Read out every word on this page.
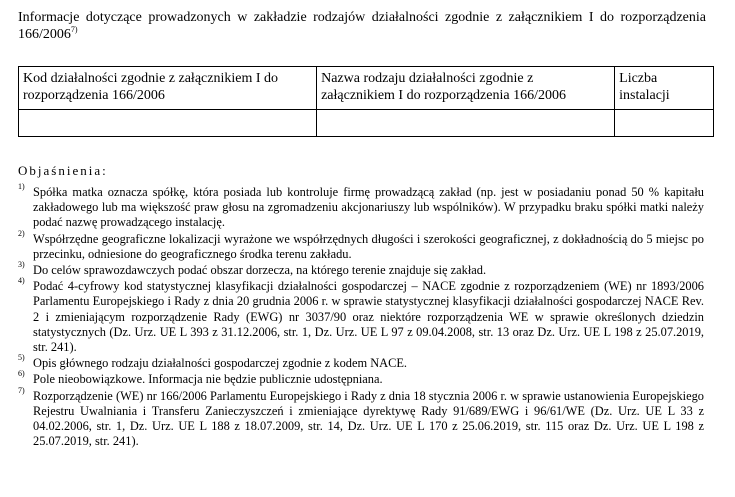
Informacje dotyczące prowadzonych w zakładzie rodzajów działalności zgodnie z załącznikiem I do rozporządzenia 166/2006$^{7)}$
Kod działalności zgodnie z załącznikiem I do rozporządzenia 166/2006	Nazwa rodzaju działalności zgodnie z załącznikiem I do rozporządzenia 166/2006	Liczba instalacji

Objaśnienia:
1) Spółka matka oznacza spółkę, która posiada lub kontroluje firmę prowadzącą zakład (np. jest w posiadaniu ponad 50 % kapitału zakładowego lub ma większość praw głosu na zgromadzeniu akcjonariuszy lub wspólników). W przypadku braku spółki matki należy podać nazwę prowadzącego instalację.
2) Współrzędne geograficzne lokalizacji wyrażone we współrzędnych długości i szerokości geograficznej, z dokładnością do 5 miejsc po przecinku, odniesione do geograficznego środka terenu zakładu.
3) Do celów sprawozdawczych podać obszar dorzecza, na którego terenie znajduje się zakład.
4) Podać 4-cyfrowy kod statystycznej klasyfikacji działalności gospodarczej – NACE zgodnie z rozporządzeniem (WE) nr 1893/2006 Parlamentu Europejskiego i Rady z dnia 20 grudnia 2006 r. w sprawie statystycznej klasyfikacji działalności gospodarczej NACE Rev. 2 i zmieniającym rozporządzenie Rady (EWG) nr 3037/90 oraz niektóre rozporządzenia WE w sprawie określonych dziedzin statystycznych (Dz. Urz. UE L 393 z 31.12.2006, str. 1, Dz. Urz. UE L 97 z 09.04.2008, str. 13 oraz Dz. Urz. UE L 198 z 25.07.2019, str. 241).
5) Opis głównego rodzaju działalności gospodarczej zgodnie z kodem NACE.
6) Pole nieobowiązkowe. Informacja nie będzie publicznie udostępniana.
7) Rozporządzenie (WE) nr 166/2006 Parlamentu Europejskiego i Rady z dnia 18 stycznia 2006 r. w sprawie ustanowienia Europejskiego Rejestru Uwalniania i Transferu Zanieczyszczeń i zmieniające dyrektywę Rady 91/689/EWG i 96/61/WE (Dz. Urz. UE L 33 z 04.02.2006, str. 1, Dz. Urz. UE L 188 z 18.07.2009, str. 14, Dz. Urz. UE L 170 z 25.06.2019, str. 115 oraz Dz. Urz. UE L 198 z 25.07.2019, str. 241).
